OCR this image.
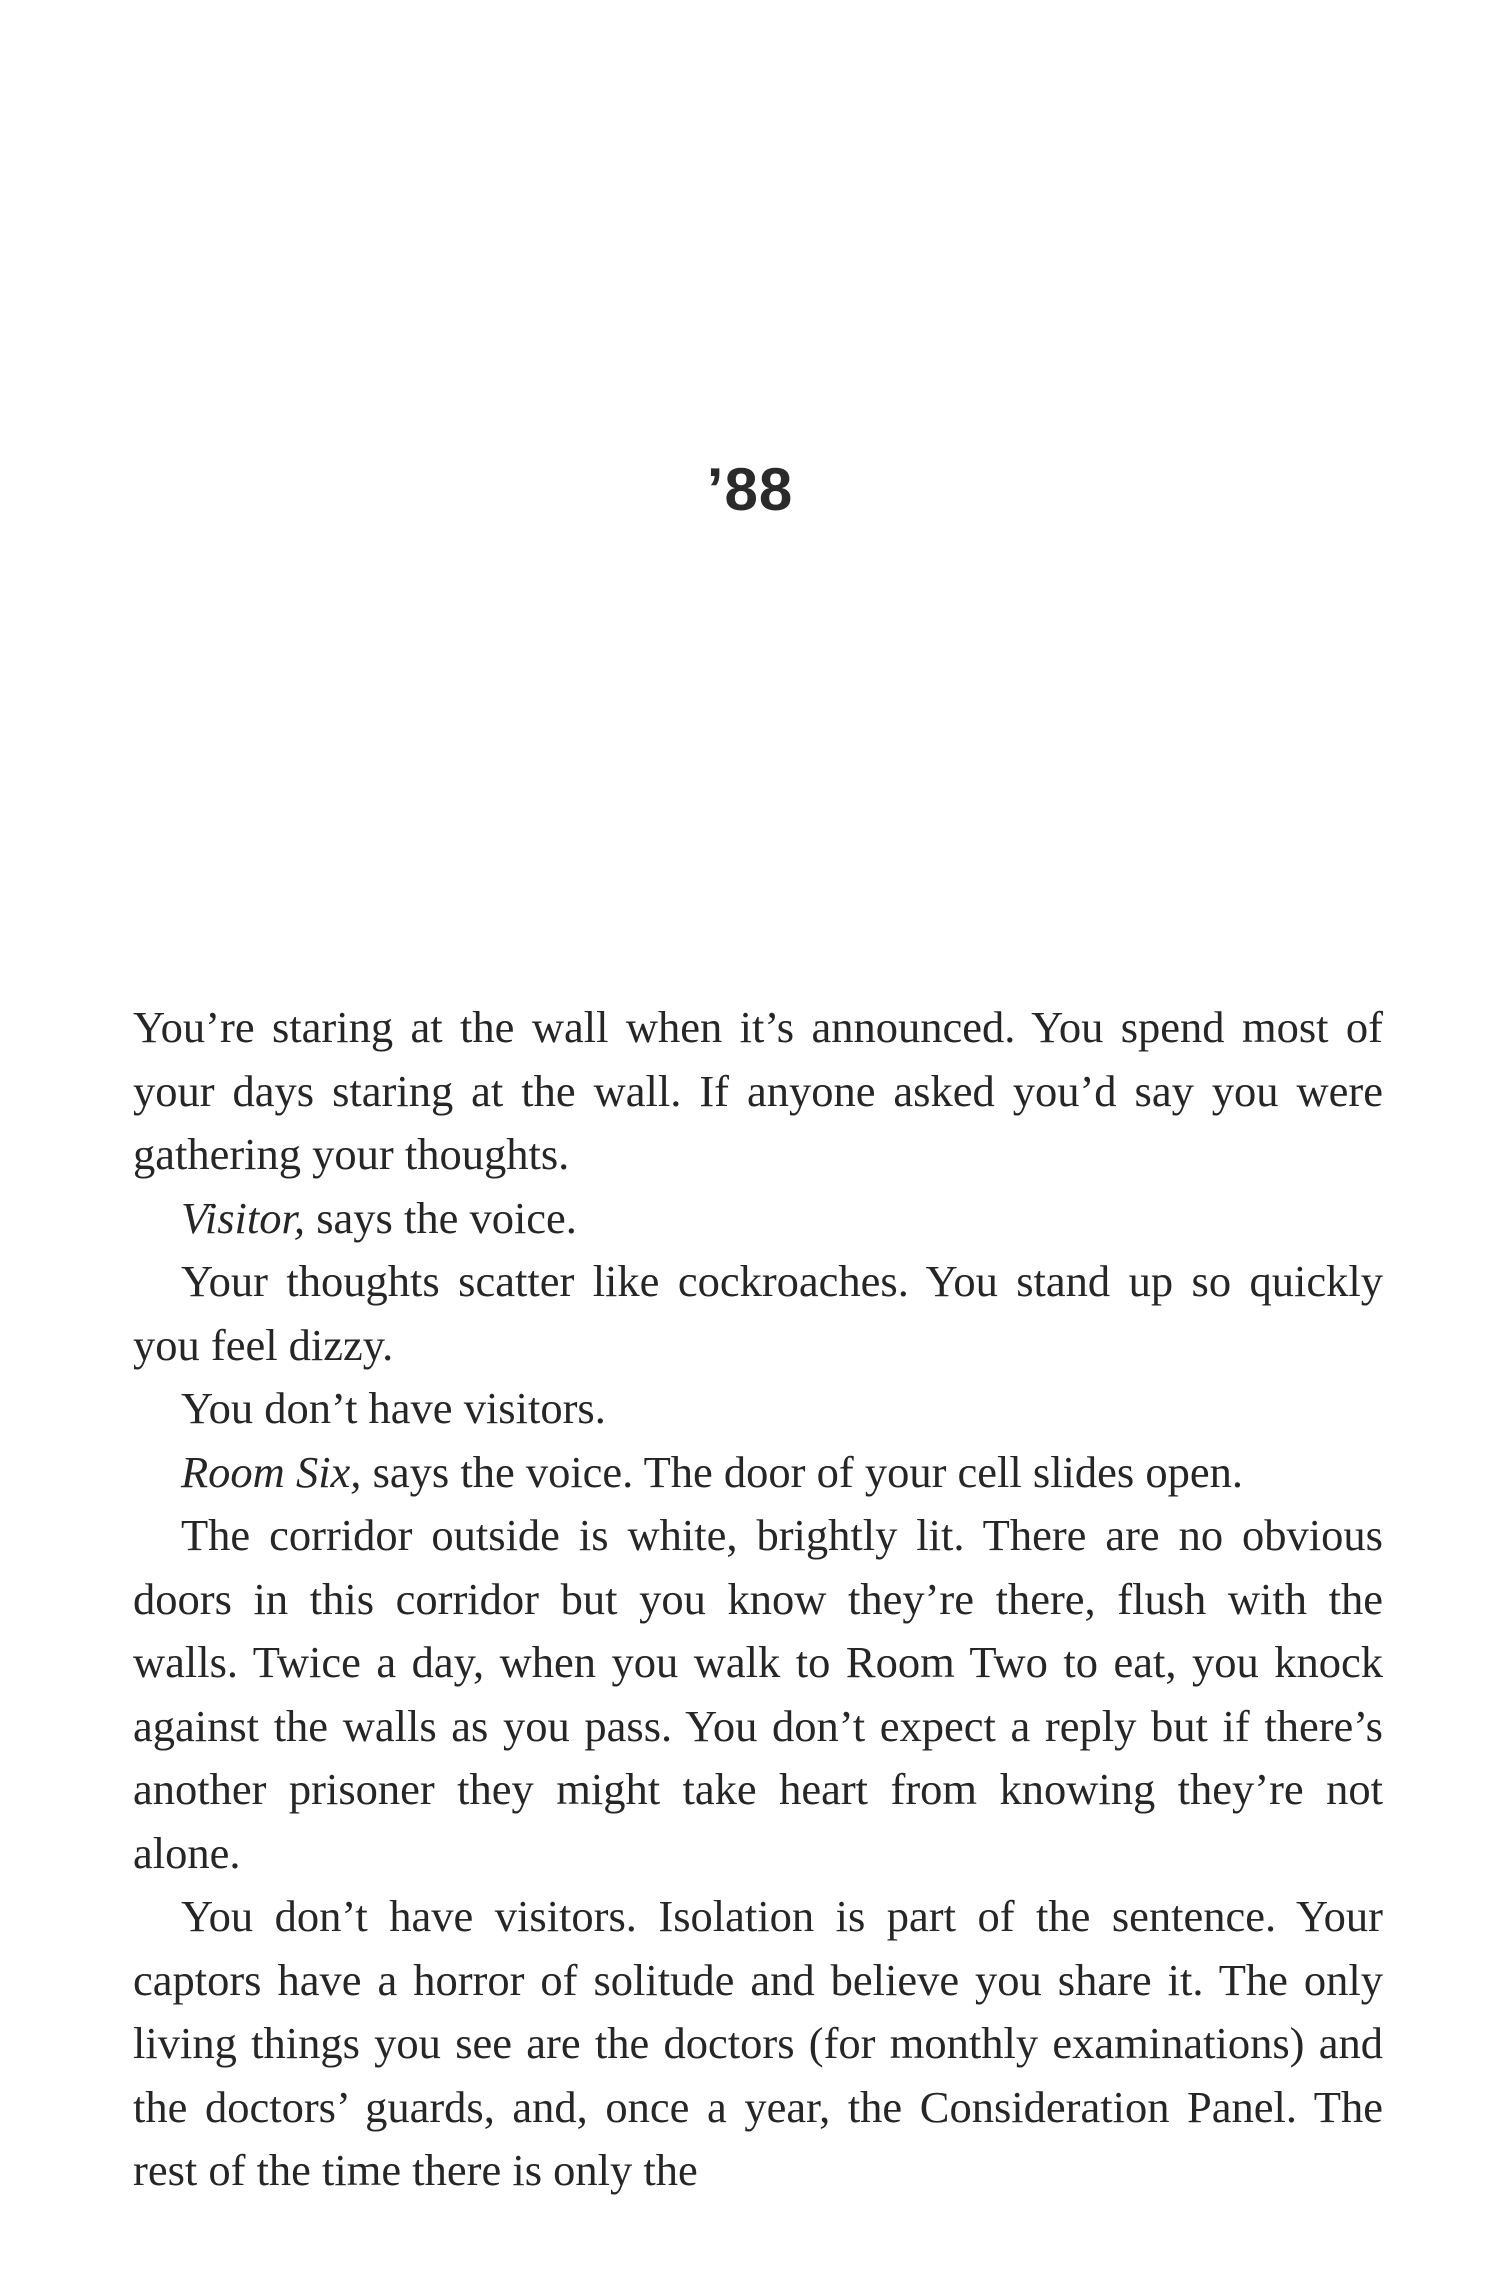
’88

You’re staring at the wall when it’s announced. You spend most of your days staring at the wall. If anyone asked you’d say you were gathering your thoughts.

Visitor, says the voice.

Your thoughts scatter like cockroaches. You stand up so quickly you feel dizzy.

You don’t have visitors.

Room Six, says the voice. The door of your cell slides open.

The corridor outside is white, brightly lit. There are no obvious doors in this corridor but you know they’re there, flush with the walls. Twice a day, when you walk to Room Two to eat, you knock against the walls as you pass. You don’t expect a reply but if there’s another prisoner they might take heart from knowing they’re not alone.

You don’t have visitors. Isolation is part of the sentence. Your captors have a horror of solitude and believe you share it. The only living things you see are the doctors (for monthly examinations) and the doctors’ guards, and, once a year, the Consideration Panel. The rest of the time there is only the
